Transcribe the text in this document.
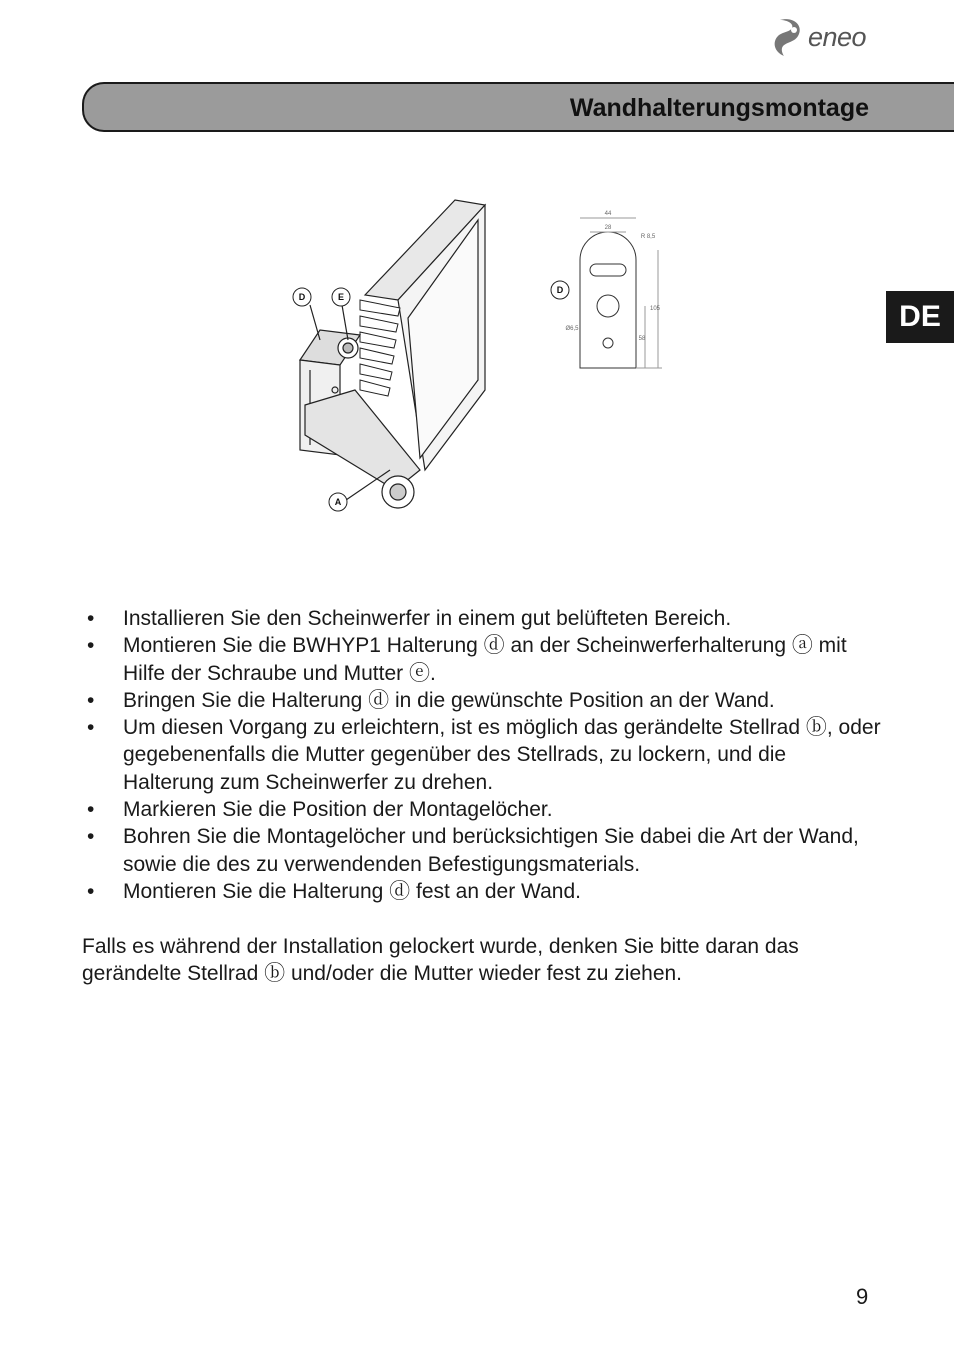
eneo
Wandhalterungsmontage
DE
D	E
A
D
44
28
R 8,5
58
105
Ø6,5
• Installieren Sie den Scheinwerfer in einem gut belüfteten Bereich.
• Montieren Sie die BWHYP1 Halterung ⓓ an der Scheinwerferhalterung ⓐ mit Hilfe der Schraube und Mutter ⓔ.
• Bringen Sie die Halterung ⓓ in die gewünschte Position an der Wand.
• Um diesen Vorgang zu erleichtern, ist es möglich das gerändelte Stellrad ⓑ, oder gegebenenfalls die Mutter gegenüber des Stellrads, zu lockern, und die Halterung zum Scheinwerfer zu drehen.
• Markieren Sie die Position der Montagelöcher.
• Bohren Sie die Montagelöcher und berücksichtigen Sie dabei die Art der Wand, sowie die des zu verwendenden Befestigungsmaterials.
• Montieren Sie die Halterung ⓓ fest an der Wand.

Falls es während der Installation gelockert wurde, denken Sie bitte daran das gerändelte Stellrad ⓑ und/oder die Mutter wieder fest zu ziehen.

9
